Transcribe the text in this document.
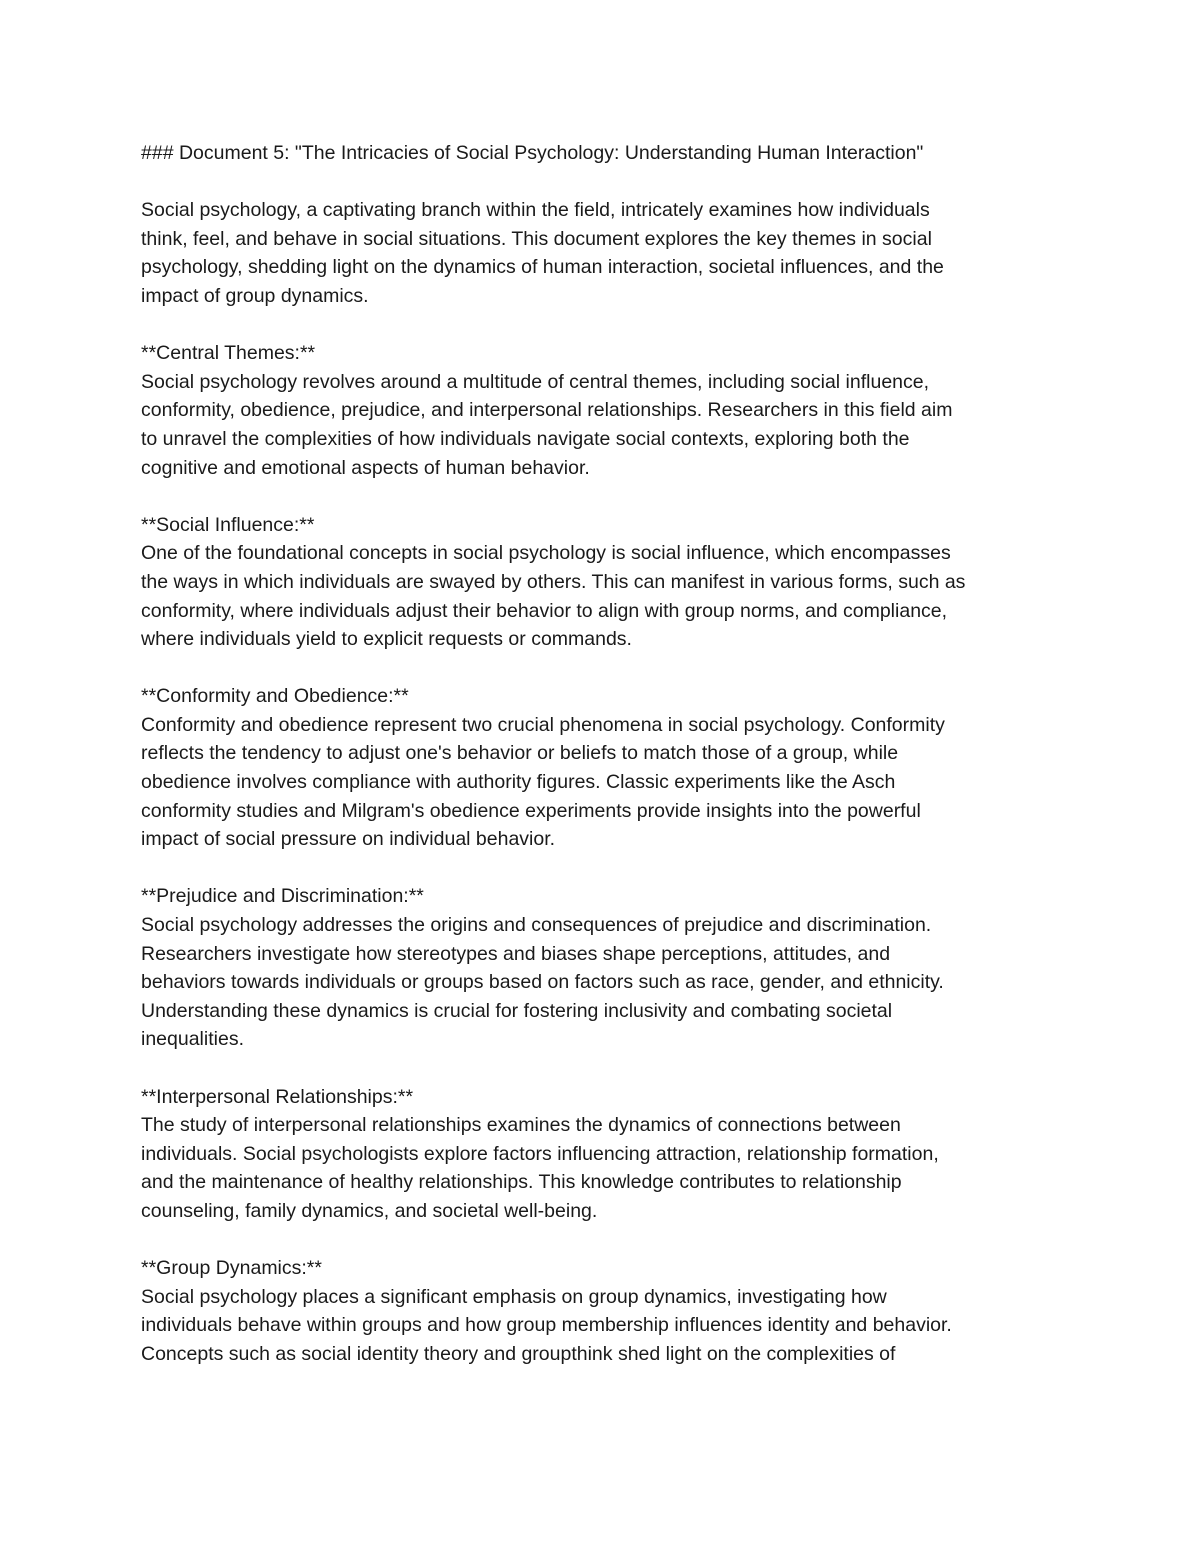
### Document 5: "The Intricacies of Social Psychology: Understanding Human Interaction"
Social psychology, a captivating branch within the field, intricately examines how individuals
think, feel, and behave in social situations. This document explores the key themes in social
psychology, shedding light on the dynamics of human interaction, societal influences, and the
impact of group dynamics.
**Central Themes:**
Social psychology revolves around a multitude of central themes, including social influence,
conformity, obedience, prejudice, and interpersonal relationships. Researchers in this field aim
to unravel the complexities of how individuals navigate social contexts, exploring both the
cognitive and emotional aspects of human behavior.
**Social Influence:**
One of the foundational concepts in social psychology is social influence, which encompasses
the ways in which individuals are swayed by others. This can manifest in various forms, such as
conformity, where individuals adjust their behavior to align with group norms, and compliance,
where individuals yield to explicit requests or commands.
**Conformity and Obedience:**
Conformity and obedience represent two crucial phenomena in social psychology. Conformity
reflects the tendency to adjust one's behavior or beliefs to match those of a group, while
obedience involves compliance with authority figures. Classic experiments like the Asch
conformity studies and Milgram's obedience experiments provide insights into the powerful
impact of social pressure on individual behavior.
**Prejudice and Discrimination:**
Social psychology addresses the origins and consequences of prejudice and discrimination.
Researchers investigate how stereotypes and biases shape perceptions, attitudes, and
behaviors towards individuals or groups based on factors such as race, gender, and ethnicity.
Understanding these dynamics is crucial for fostering inclusivity and combating societal
inequalities.
**Interpersonal Relationships:**
The study of interpersonal relationships examines the dynamics of connections between
individuals. Social psychologists explore factors influencing attraction, relationship formation,
and the maintenance of healthy relationships. This knowledge contributes to relationship
counseling, family dynamics, and societal well-being.
**Group Dynamics:**
Social psychology places a significant emphasis on group dynamics, investigating how
individuals behave within groups and how group membership influences identity and behavior.
Concepts such as social identity theory and groupthink shed light on the complexities of
